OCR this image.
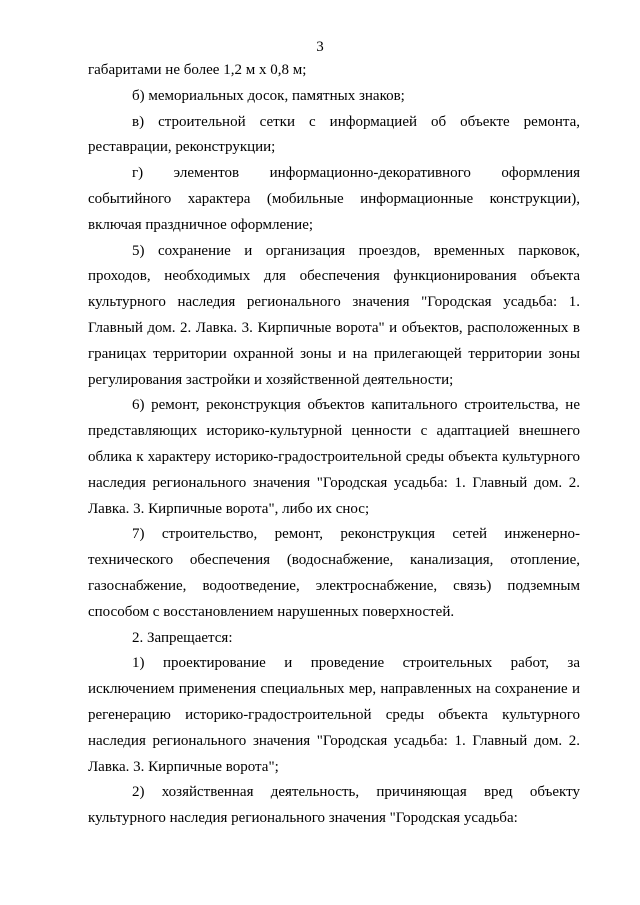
3

габаритами не более 1,2 м х 0,8 м;

б) мемориальных досок, памятных знаков;

в) строительной сетки с информацией об объекте ремонта, реставрации, реконструкции;

г) элементов информационно-декоративного оформления событийного характера (мобильные информационные конструкции), включая праздничное оформление;

5) сохранение и организация проездов, временных парковок, проходов, необходимых для обеспечения функционирования объекта культурного наследия регионального значения "Городская усадьба: 1. Главный дом. 2. Лавка. 3. Кирпичные ворота" и объектов, расположенных в границах территории охранной зоны и на прилегающей территории зоны регулирования застройки и хозяйственной деятельности;

6) ремонт, реконструкция объектов капитального строительства, не представляющих историко-культурной ценности с адаптацией внешнего облика к характеру историко-градостроительной среды объекта культурного наследия регионального значения "Городская усадьба: 1. Главный дом. 2. Лавка. 3. Кирпичные ворота", либо их снос;

7) строительство, ремонт, реконструкция сетей инженерно-технического обеспечения (водоснабжение, канализация, отопление, газоснабжение, водоотведение, электроснабжение, связь) подземным способом с восстановлением нарушенных поверхностей.

2. Запрещается:

1) проектирование и проведение строительных работ, за исключением применения специальных мер, направленных на сохранение и регенерацию историко-градостроительной среды объекта культурного наследия регионального значения "Городская усадьба: 1. Главный дом. 2. Лавка. 3. Кирпичные ворота";

2) хозяйственная деятельность, причиняющая вред объекту культурного наследия регионального значения "Городская усадьба:
